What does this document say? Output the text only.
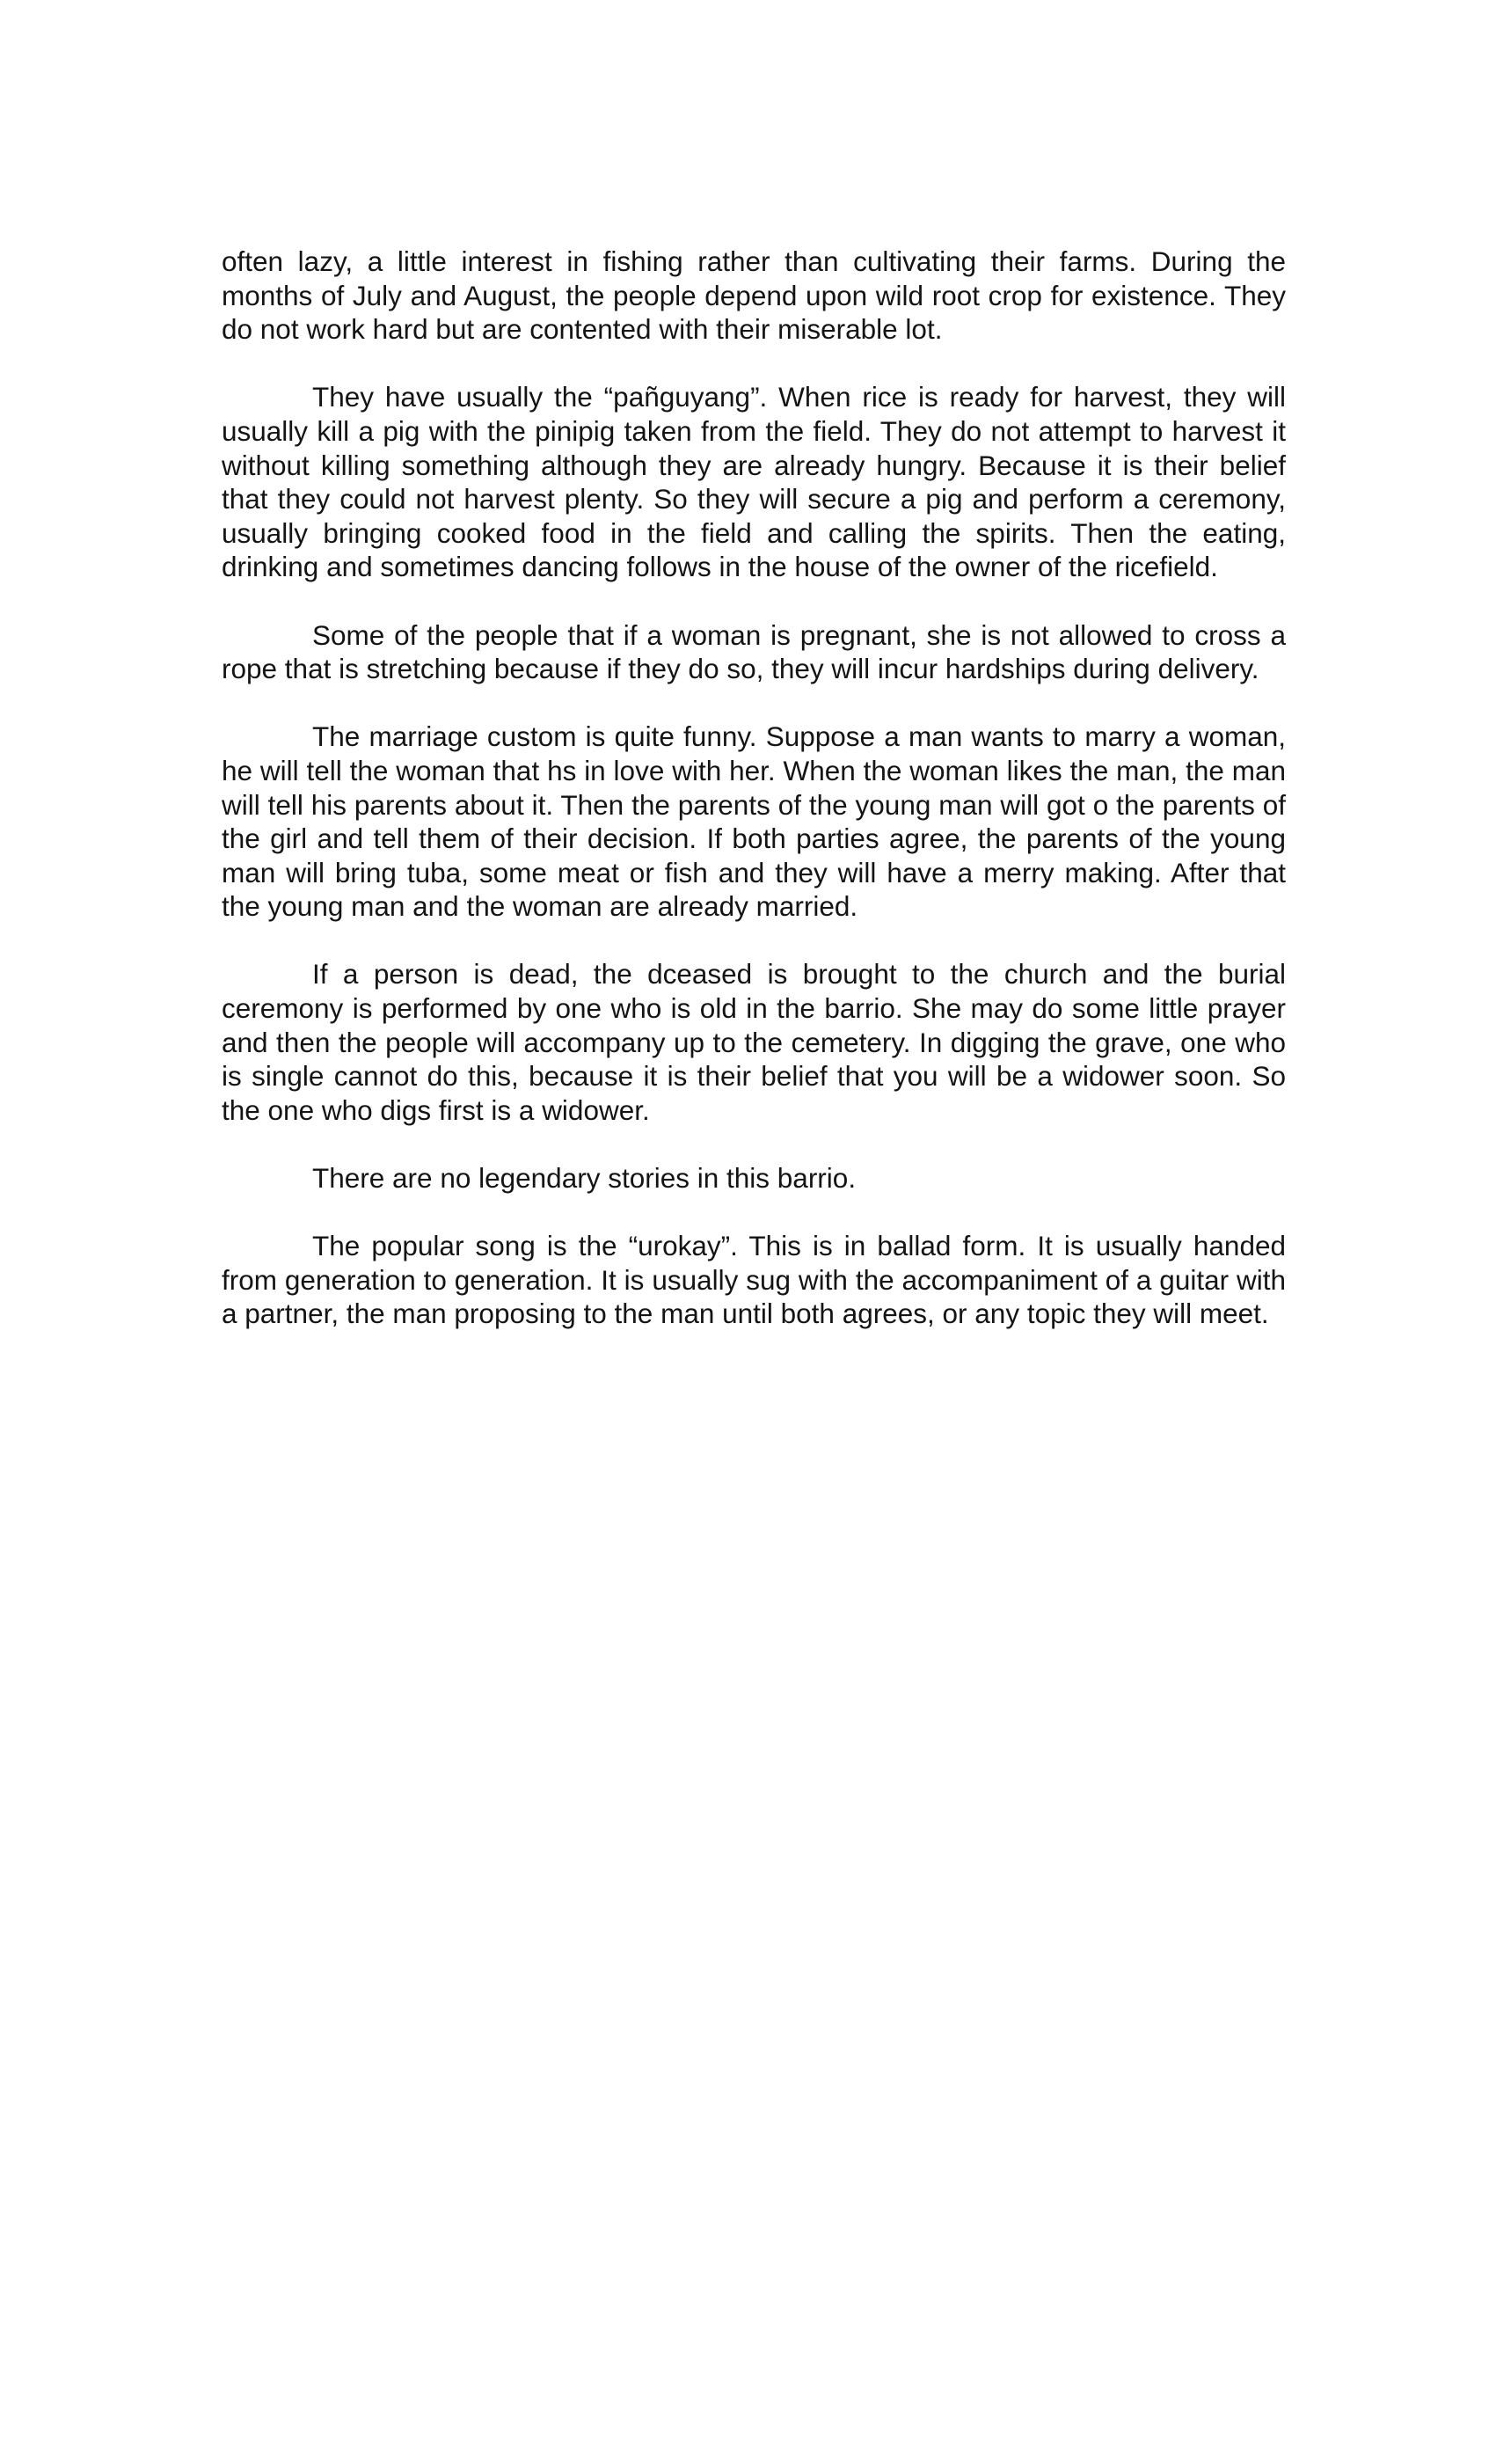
often lazy, a little interest in fishing rather than cultivating their farms. During the months of July and August, the people depend upon wild root crop for existence. They do not work hard but are contented with their miserable lot.

They have usually the “pañguyang”. When rice is ready for harvest, they will usually kill a pig with the pinipig taken from the field. They do not attempt to harvest it without killing something although they are already hungry. Because it is their belief that they could not harvest plenty. So they will secure a pig and perform a ceremony, usually bringing cooked food in the field and calling the spirits. Then the eating, drinking and sometimes dancing follows in the house of the owner of the ricefield.

Some of the people that if a woman is pregnant, she is not allowed to cross a rope that is stretching because if they do so, they will incur hardships during delivery.

The marriage custom is quite funny. Suppose a man wants to marry a woman, he will tell the woman that hs in love with her. When the woman likes the man, the man will tell his parents about it. Then the parents of the young man will got o the parents of the girl and tell them of their decision. If both parties agree, the parents of the young man will bring tuba, some meat or fish and they will have a merry making. After that the young man and the woman are already married.

If a person is dead, the dceased is brought to the church and the burial ceremony is performed by one who is old in the barrio. She may do some little prayer and then the people will accompany up to the cemetery. In digging the grave, one who is single cannot do this, because it is their belief that you will be a widower soon. So the one who digs first is a widower.

There are no legendary stories in this barrio.

The popular song is the “urokay”. This is in ballad form. It is usually handed from generation to generation. It is usually sug with the accompaniment of a guitar with a partner, the man proposing to the man until both agrees, or any topic they will meet.
